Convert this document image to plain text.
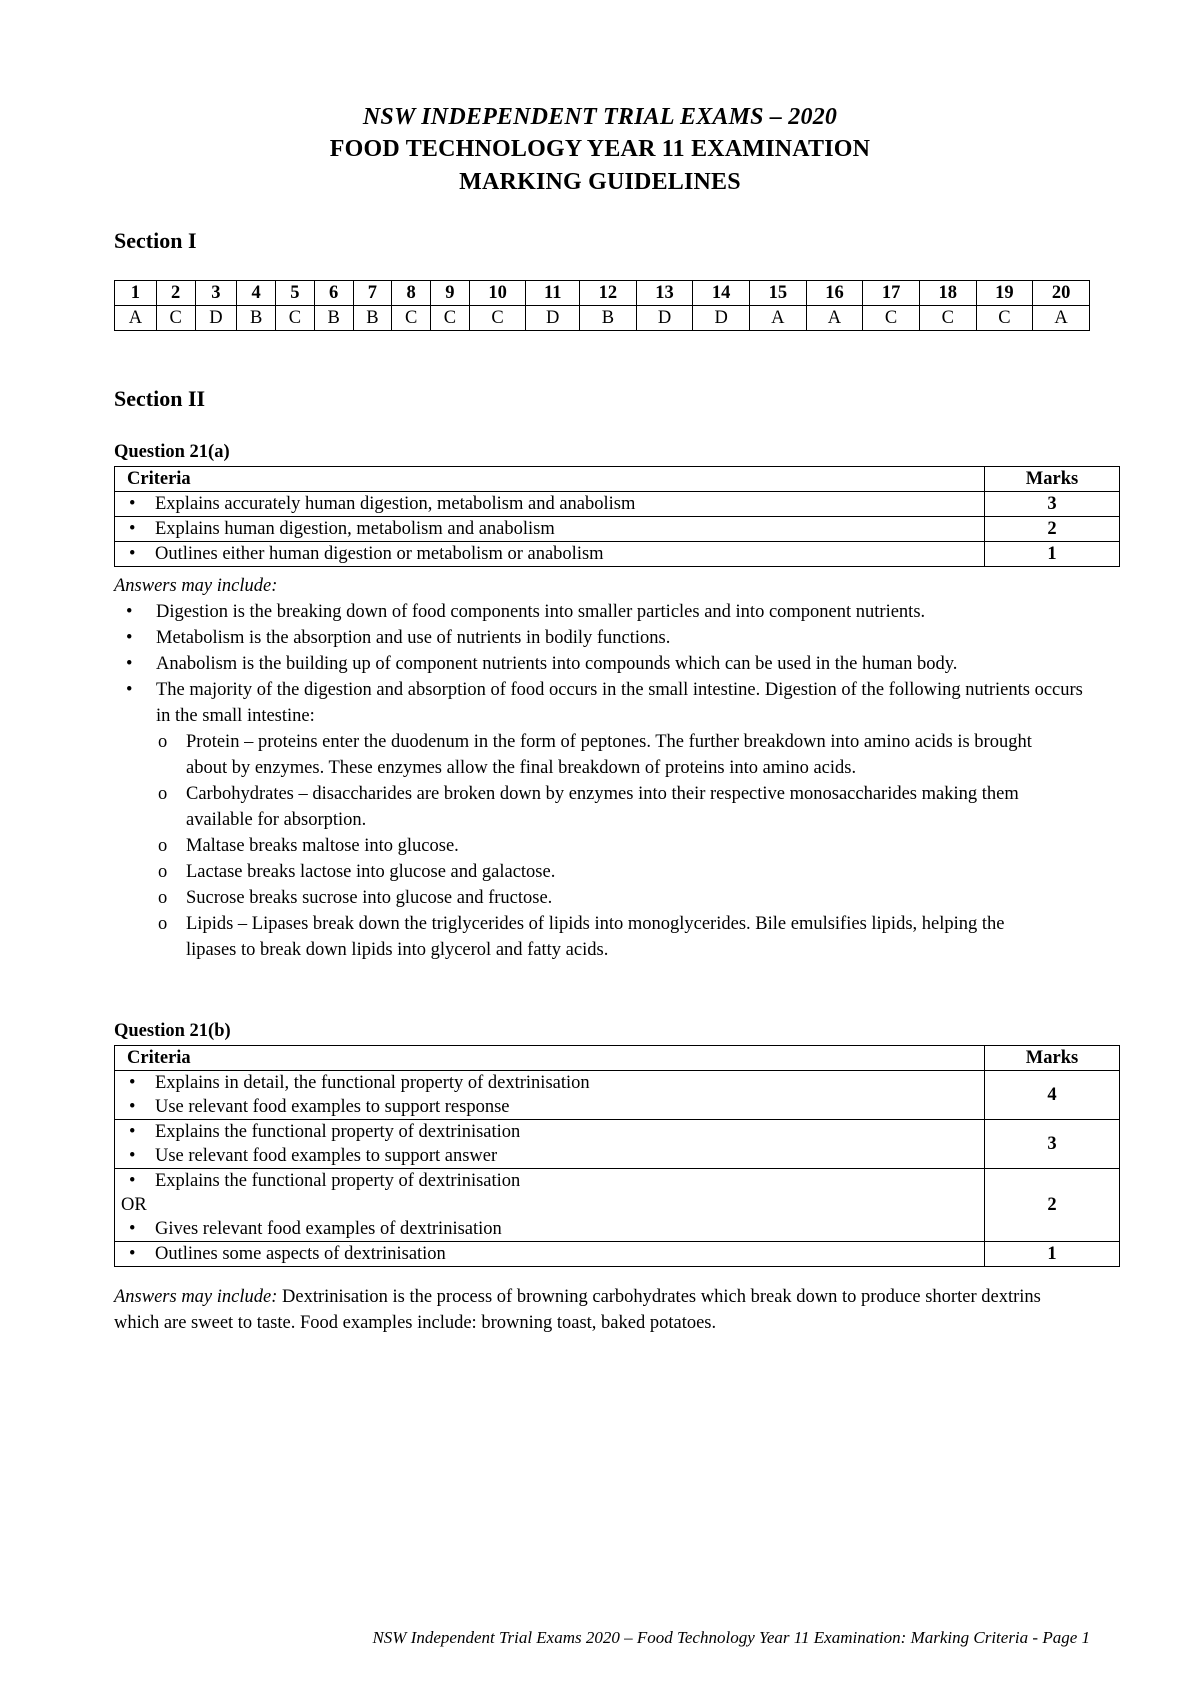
NSW INDEPENDENT TRIAL EXAMS – 2020
FOOD TECHNOLOGY YEAR 11 EXAMINATION
MARKING GUIDELINES
Section I
1	2	3	4	5	6	7	8	9	10	11	12	13	14	15	16	17	18	19	20
A	C	D	B	C	B	B	C	C	C	D	B	D	D	A	A	C	C	C	A
Section II
Question 21(a)
Criteria	Marks

• Explains accurately human digestion, metabolism and anabolism	3

• Explains human digestion, metabolism and anabolism	2

• Outlines either human digestion or metabolism or anabolism	1
Answers may include:
• Digestion is the breaking down of food components into smaller particles and into component nutrients.
• Metabolism is the absorption and use of nutrients in bodily functions.
• Anabolism is the building up of component nutrients into compounds which can be used in the human body.
• The majority of the digestion and absorption of food occurs in the small intestine. Digestion of the following nutrients occurs in the small intestine:
o Protein – proteins enter the duodenum in the form of peptones. The further breakdown into amino acids is brought about by enzymes. These enzymes allow the final breakdown of proteins into amino acids.
o Carbohydrates – disaccharides are broken down by enzymes into their respective monosaccharides making them available for absorption.
o Maltase breaks maltose into glucose.
o Lactase breaks lactose into glucose and galactose.
o Sucrose breaks sucrose into glucose and fructose.
o Lipids – Lipases break down the triglycerides of lipids into monoglycerides. Bile emulsifies lipids, helping the lipases to break down lipids into glycerol and fatty acids.
Question 21(b)
Criteria	Marks

• Explains in detail, the functional property of dextrinisation
• Use relevant food examples to support response	4

• Explains the functional property of dextrinisation
• Use relevant food examples to support answer	3

• Explains the functional property of dextrinisation
OR
• Gives relevant food examples of dextrinisation	2

• Outlines some aspects of dextrinisation	1
Answers may include: Dextrinisation is the process of browning carbohydrates which break down to produce shorter dextrins which are sweet to taste. Food examples include: browning toast, baked potatoes.
NSW Independent Trial Exams 2020 – Food Technology Year 11 Examination: Marking Criteria - Page 1
